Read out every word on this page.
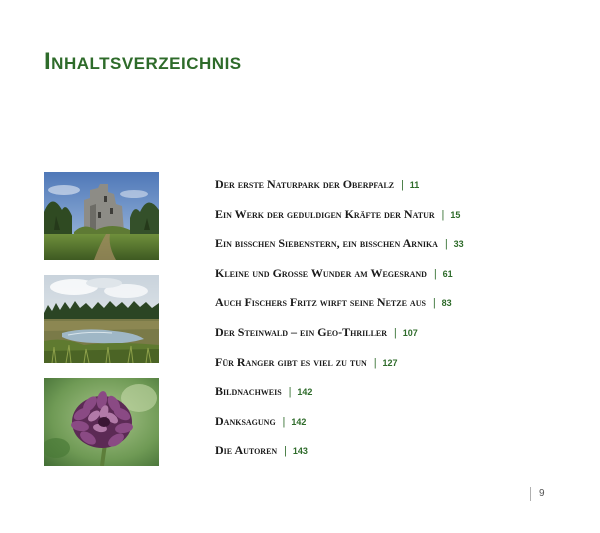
Inhaltsverzeichnis
Der erste Naturpark der Oberpfalz | 11
Ein Werk der geduldigen Kräfte der Natur | 15
Ein bisschen Siebenstern, ein bisschen Arnika | 33
Kleine und Grosse Wunder am Wegesrand | 61
Auch Fischers Fritz wirft seine Netze aus | 83
Der Steinwald – ein Geo-Thriller | 107
Für Ranger gibt es viel zu tun | 127
Bildnachweis | 142
Danksagung | 142
Die Autoren | 143
9
